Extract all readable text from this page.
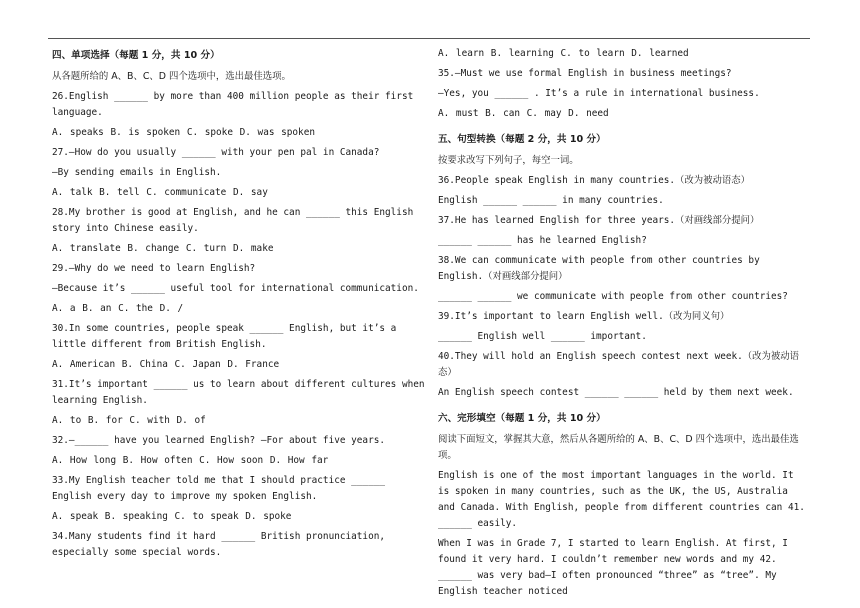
四、单项选择（每题 1 分，共 10 分）
从各题所给的 A、B、C、D 四个选项中，选出最佳选项。
26.English ______ by more than 400 million people as their first language.
A. speaks B. is spoken C. spoke D. was spoken
27.—How do you usually ______ with your pen pal in Canada?
—By sending emails in English.
A. talk B. tell C. communicate D. say
28.My brother is good at English, and he can ______ this English story into Chinese easily.
A. translate B. change C. turn D. make
29.—Why do we need to learn English?
—Because it’s ______ useful tool for international communication.
A. a B. an C. the D. /
30.In some countries, people speak ______ English, but it’s a little different from British English.
A. American B. China C. Japan D. France
31.It’s important ______ us to learn about different cultures when learning English.
A. to B. for C. with D. of
32.—______ have you learned English? —For about five years.
A. How long B. How often C. How soon D. How far
33.My English teacher told me that I should practice ______ English every day to improve my spoken English.
A. speak B. speaking C. to speak D. spoke
34.Many students find it hard ______ British pronunciation, especially some special words.
A. learn B. learning C. to learn D. learned
35.—Must we use formal English in business meetings?
—Yes, you ______ . It’s a rule in international business.
A. must B. can C. may D. need
五、句型转换（每题 2 分，共 10 分）
按要求改写下列句子，每空一词。
36.People speak English in many countries.（改为被动语态）
English ______ ______ in many countries.
37.He has learned English for three years.（对画线部分提问）
______ ______ has he learned English?
38.We can communicate with people from other countries by English.（对画线部分提问）
______ ______ we communicate with people from other countries?
39.It’s important to learn English well.（改为同义句）
______ English well ______ important.
40.They will hold an English speech contest next week.（改为被动语态）
An English speech contest ______ ______ held by them next week.
六、完形填空（每题 1 分，共 10 分）
阅读下面短文，掌握其大意，然后从各题所给的 A、B、C、D 四个选项中，选出最佳选项。
English is one of the most important languages in the world. It is spoken in many countries, such as the UK, the US, Australia and Canada. With English, people from different countries can 41. ______ easily.
When I was in Grade 7, I started to learn English. At first, I found it very hard. I couldn’t remember new words and my 42. ______ was very bad—I often pronounced “three” as “tree”. My English teacher noticed
